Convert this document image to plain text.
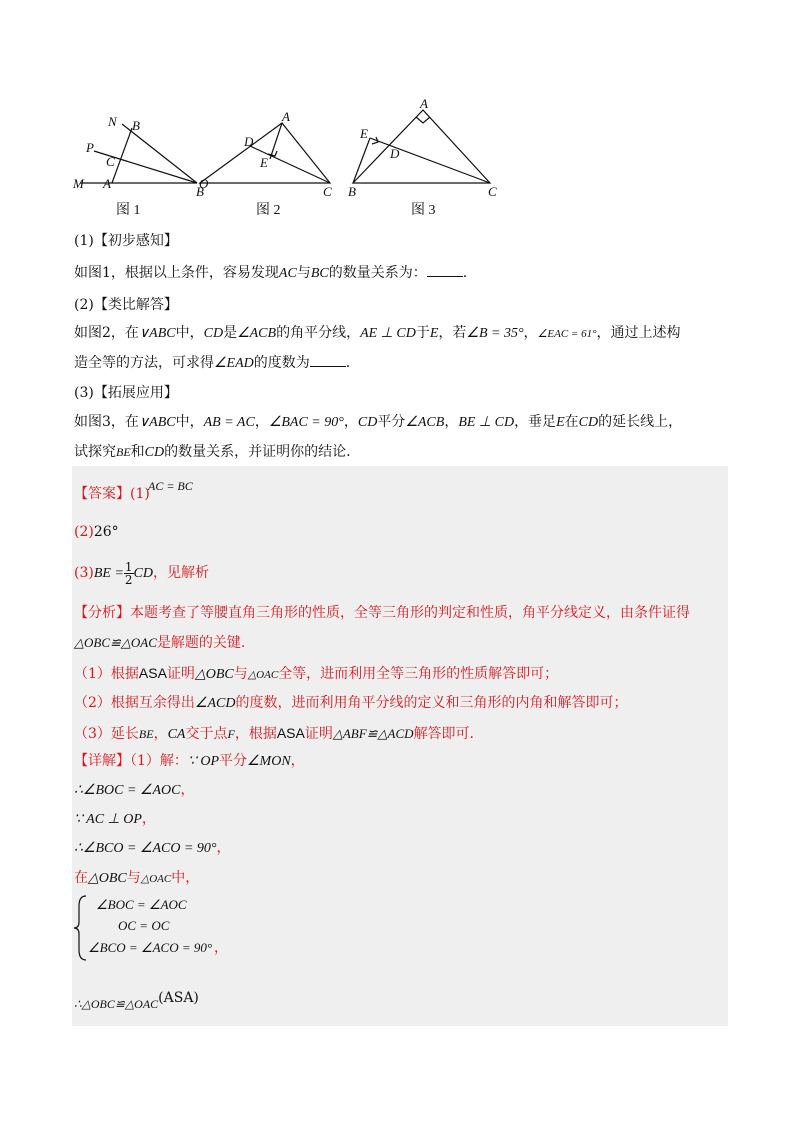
N B
P
C
M A	O
图 1
A
D
E
B	C
图 2
A
E
D
B	C
图 3
(1)【初步感知】
如图1，根据以上条件，容易发现AC与BC的数量关系为：	.
(2)【类比解答】
如图2，在∨ABC中，CD是∠ACB的角平分线，AE ⊥ CD于E，若∠B = 35°，∠EAC = 61°，通过上述构
造全等的方法，可求得∠EAD的度数为	.
(3)【拓展应用】
如图3，在∨ABC中，AB = AC，∠BAC = 90°，CD平分∠ACB，BE ⊥ CD，垂足E在CD的延长线上，
试探究BE和CD的数量关系，并证明你的结论.
AC = BC
【答案】(1)
(2)26°
$(3)BE = \frac{1}{2}$ CD，见解析
【分析】本题考查了等腰直角三角形的性质，全等三角形的判定和性质，角平分线定义，由条件证得
△OBC≌△OAC是解题的关键.
（1）根据ASA证明△OBC与△OAC全等，进而利用全等三角形的性质解答即可；
（2）根据互余得出∠ACD的度数，进而利用角平分线的定义和三角形的内角和解答即可；
（3）延长BE，CA交于点F，根据ASA证明△ABF≌△ACD解答即可.
【详解】（1）解：∵ OP平分∠MON，
∴∠BOC = ∠AOC，
∵ AC ⊥ OP，
∴∠BCO = ∠ACO = 90°，
在△OBC与△OAC中，
∠BOC = ∠AOC
OC = OC
∠BCO = ∠ACO = 90° ，
∴△OBC≌△OAC(ASA)
